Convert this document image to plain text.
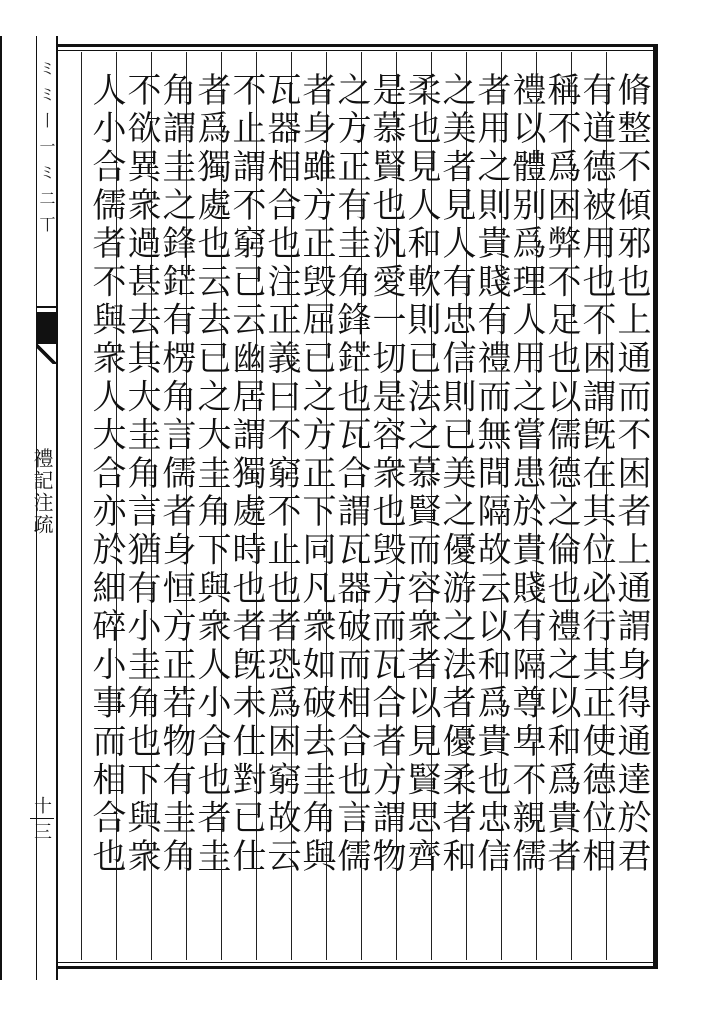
ミミ丨一ミ二丅
禮記注疏
十三	脩整不傾邪也上通而不困者上通謂身得通達於君
有道德被用也不困謂旣在其位必行其正使德位相
稱不爲困弊不足也以儒德之倫也禮之以和爲貴者
禮以體别爲理人用之嘗患於貴賤有隔尊卑不親儒
者用之則貴賤有禮而無間隔故云以和爲貴也忠信
之美者見人有忠信則已美之優游之法者優柔者和
柔也見人和軟則已法之慕賢而容衆者以見賢思齊
是慕賢也汎愛一切是容衆也毁方而瓦合者方謂物
之方正有圭角鋒鋩也瓦合謂瓦器破而相合也言儒
者身雖方正毁屈已之方正下同凡衆如破去圭角與
瓦器相合也注正義曰不窮不止也者恐爲困窮故云
不止謂不窮已云幽居謂獨處時也者旣未仕對已仕
者爲獨處也云去已之大圭角下與衆人小合也者圭
角謂圭之鋒鋩有楞角言儒者身恒方正若物有圭角
不欲異衆過甚去其大圭角言猶有小圭角也下與衆
人小合儒者不與衆人大合亦於細碎小事而相合也
